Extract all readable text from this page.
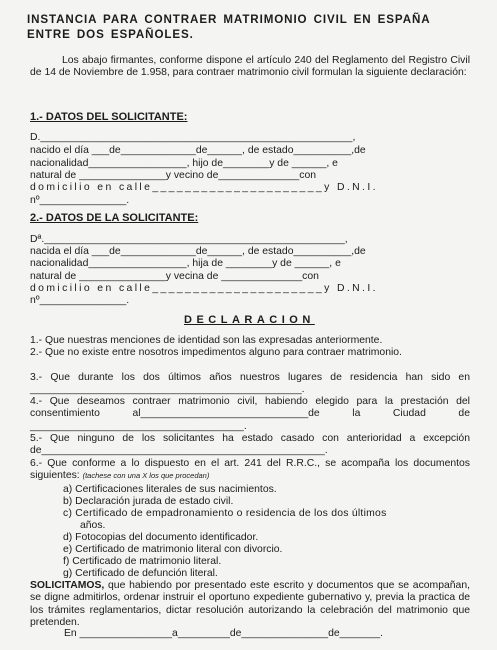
INSTANCIA PARA CONTRAER MATRIMONIO CIVIL EN ESPAÑA ENTRE DOS ESPAÑOLES.
Los abajo firmantes, conforme dispone el artículo 240 del Reglamento del Registro Civil de 14 de Noviembre de 1.958, para contraer matrimonio civil formulan la siguiente declaración:
1.- DATOS DEL SOLICITANTE:
D.______________________________________________________,
nacido el día ___de_____________de______, de estado__________,de
nacionalidad_________________, hijo de________y de ______, e
natural de _______________y vecino de______________con
domicilio en calle_____________________y D.N.I.
nº_______________.
2.- DATOS DE LA SOLICITANTE:
Dª.____________________________________________________,
nacida el día ___de_____________de______, de estado__________,de
nacionalidad_________________, hija de ________y de ______, e
natural de _______________y vecina de ______________con
domicilio en calle_____________________y D.N.I.
nº_______________.
DECLARACION
1.- Que nuestras menciones de identidad son las expresadas anteriormente.
2.- Que no existe entre nosotros impedimentos alguno para contraer matrimonio.
3.- Que durante los dos últimos años nuestros lugares de residencia han sido en _______________________________________________.
4.- Que deseamos contraer matrimonio civil, habiendo elegido para la prestación del consentimiento al_____________________________de la Ciudad de _____________________________________.
5.- Que ninguno de los solicitantes ha estado casado con anterioridad a excepción de_________________________________________________.
6.- Que conforme a lo dispuesto en el art. 241 del R.R.C., se acompaña los documentos siguientes: (tachese con una X los que procedan)
a) Certificaciones literales de sus nacimientos.
b) Declaración jurada de estado civil.
c) Certificado de empadronamiento o residencia de los dos últimos
años.
d) Fotocopias del documento identificador.
e) Certificado de matrimonio literal con divorcio.
f) Certificado de matrimonio literal.
g) Certificado de defunción literal.
SOLICITAMOS, que habiendo por presentado este escrito y documentos que se acompañan, se digne admitirlos, ordenar instruir el oportuno expediente gubernativo y, previa la practica de los trámites reglamentarios, dictar resolución autorizando la celebración del matrimonio que pretenden.
En ________________a_________de_______________de_______.
